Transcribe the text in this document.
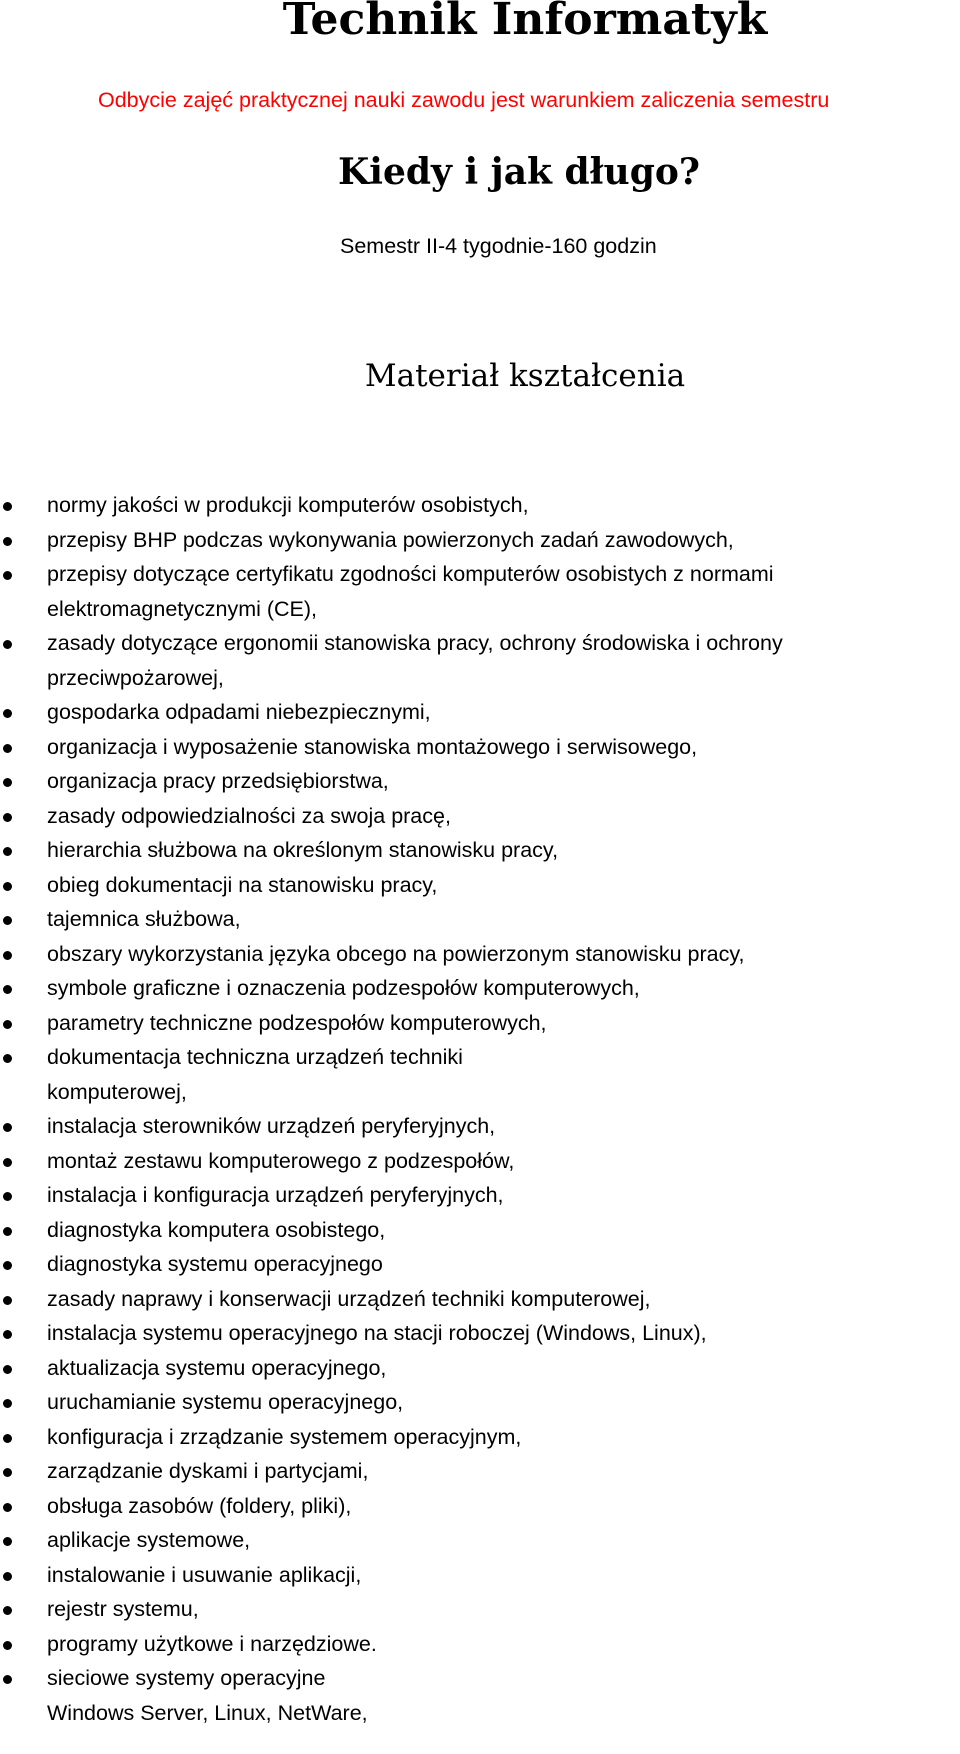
Technik Informatyk

Odbycie zajęć praktycznej nauki zawodu jest warunkiem zaliczenia semestru

Kiedy i jak długo?

Semestr II-4 tygodnie-160 godzin

Materiał kształcenia
normy jakości w produkcji komputerów osobistych,
przepisy BHP podczas wykonywania powierzonych zadań zawodowych,
przepisy dotyczące certyfikatu zgodności komputerów osobistych z normami
elektromagnetycznymi (CE),
zasady dotyczące ergonomii stanowiska pracy, ochrony środowiska i ochrony
przeciwpożarowej,
gospodarka odpadami niebezpiecznymi,
organizacja i wyposażenie stanowiska montażowego i serwisowego,
organizacja pracy przedsiębiorstwa,
zasady odpowiedzialności za swoja pracę,
hierarchia służbowa na określonym stanowisku pracy,
obieg dokumentacji na stanowisku pracy,
tajemnica służbowa,
obszary wykorzystania języka obcego na powierzonym stanowisku pracy,
symbole graficzne i oznaczenia podzespołów komputerowych,
parametry techniczne podzespołów komputerowych,
dokumentacja techniczna urządzeń techniki
komputerowej,
instalacja sterowników urządzeń peryferyjnych,
montaż zestawu komputerowego z podzespołów,
instalacja i konfiguracja urządzeń peryferyjnych,
diagnostyka komputera osobistego,
diagnostyka systemu operacyjnego
zasady naprawy i konserwacji urządzeń techniki komputerowej,
instalacja systemu operacyjnego na stacji roboczej (Windows, Linux),
aktualizacja systemu operacyjnego,
uruchamianie systemu operacyjnego,
konfiguracja i zrządzanie systemem operacyjnym,
zarządzanie dyskami i partycjami,
obsługa zasobów (foldery, pliki),
aplikacje systemowe,
instalowanie i usuwanie aplikacji,
rejestr systemu,
programy użytkowe i narzędziowe.
sieciowe systemy operacyjne
Windows Server, Linux, NetWare,
